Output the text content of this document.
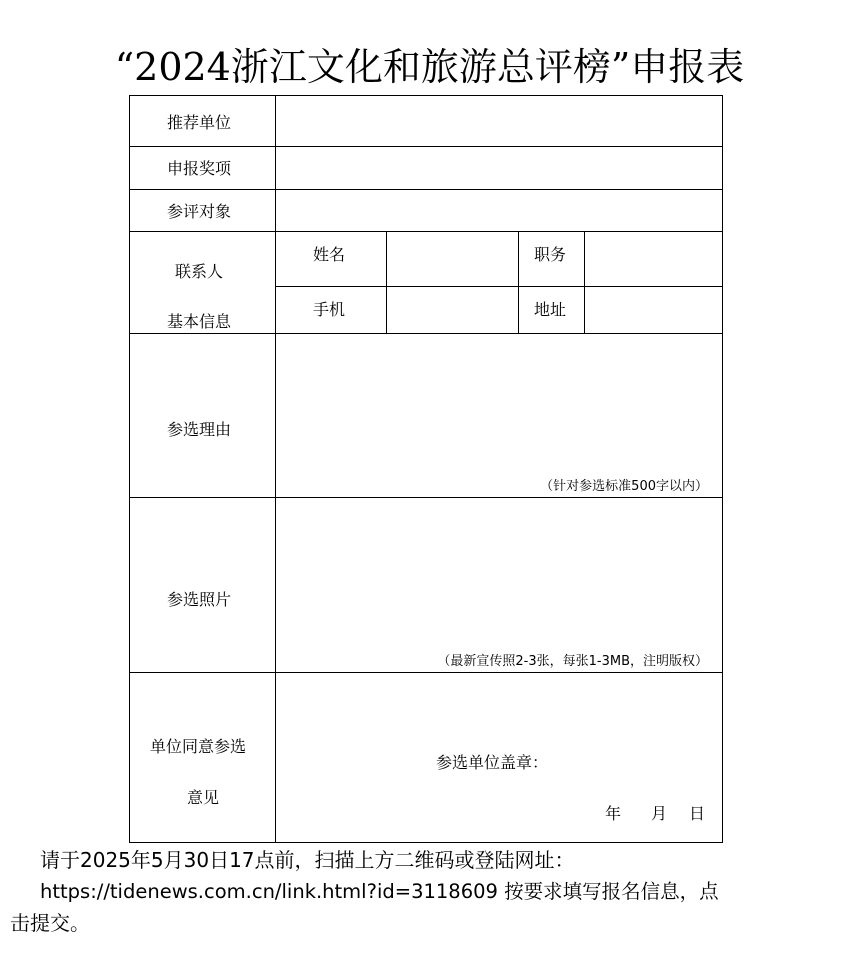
“2024浙江文化和旅游总评榜”申报表
推荐单位
申报奖项
参评对象
联系人
基本信息
姓名	职务
手机	地址
参选理由
（针对参选标准500字以内）
参选照片
（最新宣传照2-3张，每张1-3MB，注明版权）
单位同意参选
意见
参选单位盖章：
年 月 日
请于2025年5月30日17点前，扫描上方二维码或登陆网址：
https://tidenews.com.cn/link.html?id=3118609 按要求填写报名信息，点
击提交。
